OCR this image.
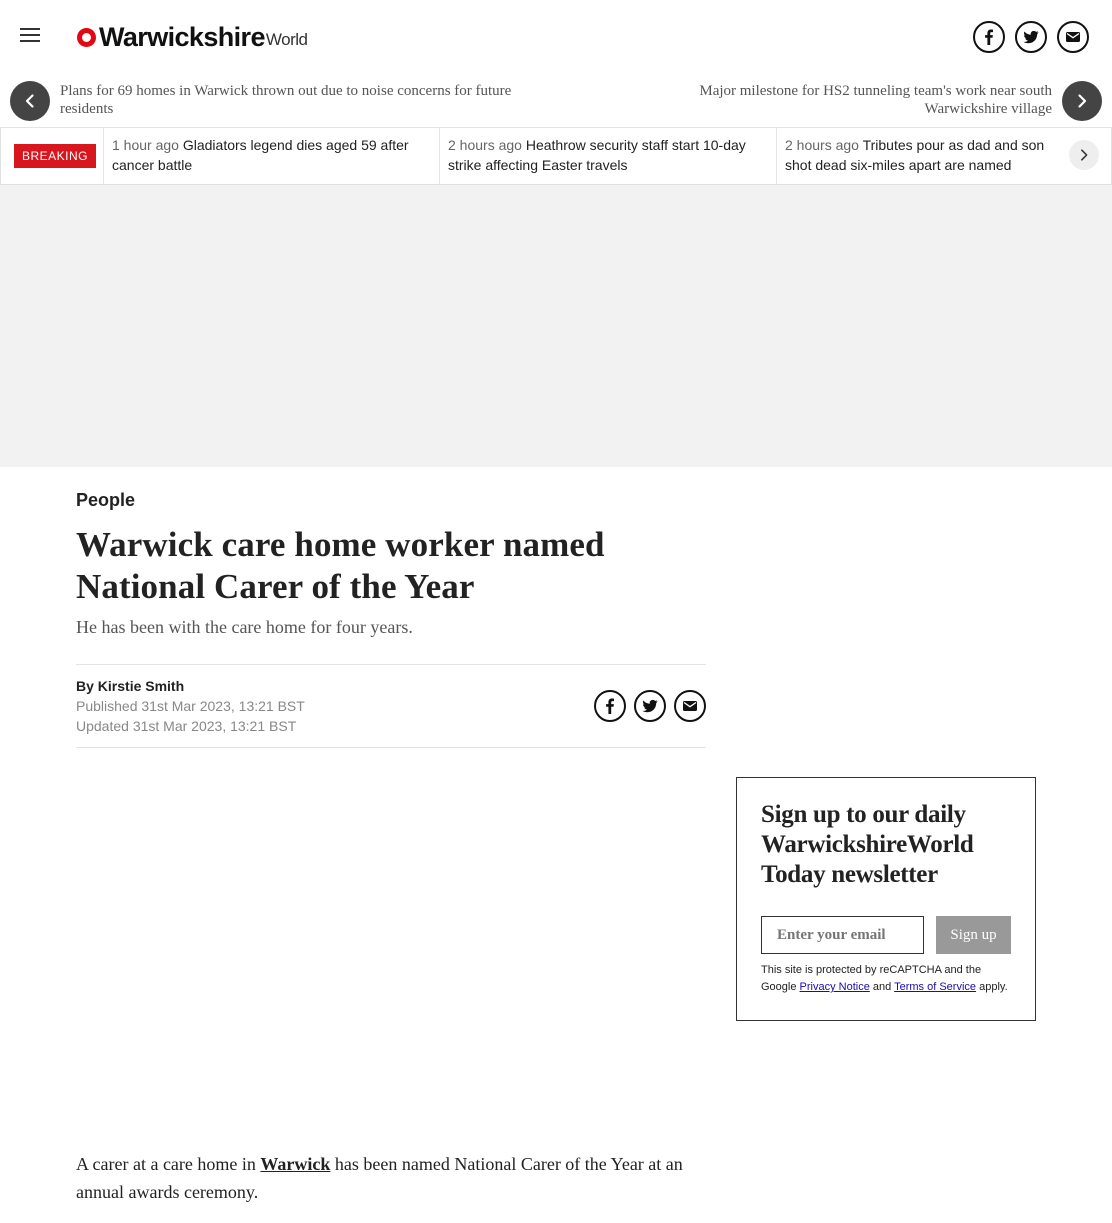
Warwickshire World
Plans for 69 homes in Warwick thrown out due to noise concerns for future residents
Major milestone for HS2 tunneling team's work near south Warwickshire village
BREAKING
1 hour ago Gladiators legend dies aged 59 after cancer battle
2 hours ago Heathrow security staff start 10-day strike affecting Easter travels
2 hours ago Tributes pour as dad and son shot dead six-miles apart are named
People
Warwick care home worker named National Carer of the Year

He has been with the care home for four years.

By Kirstie Smith
Published 31st Mar 2023, 13:21 BST
Updated 31st Mar 2023, 13:21 BST

A carer at a care home in Warwick has been named National Carer of the Year at an annual awards ceremony.

Sign up to our daily WarwickshireWorld Today newsletter
Enter your email
Sign up
This site is protected by reCAPTCHA and the Google Privacy Notice and Terms of Service apply.
